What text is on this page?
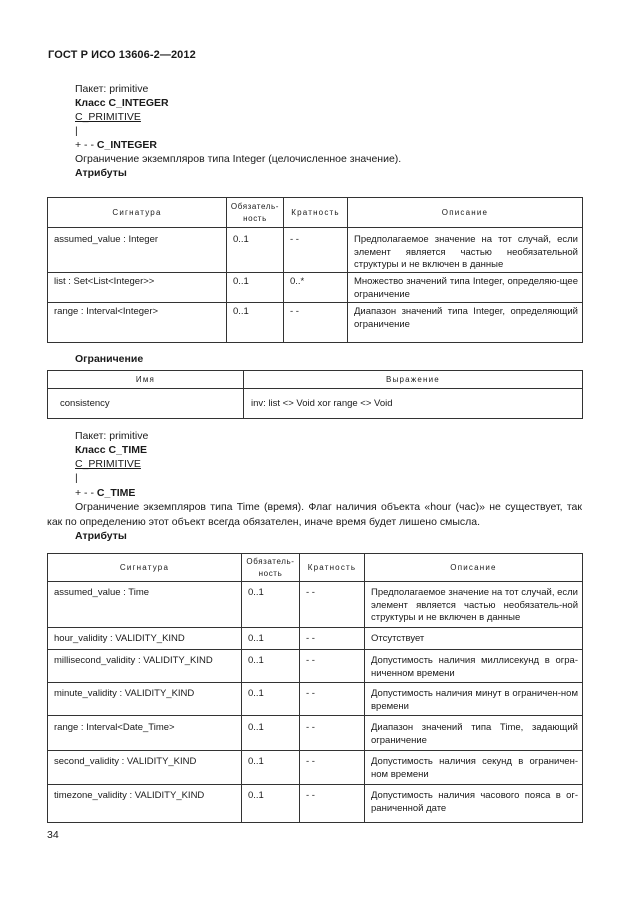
ГОСТ Р ИСО 13606-2—2012
Пакет: primitive
Класс C_INTEGER
C_PRIMITIVE
|
+ - - C_INTEGER
Ограничение экземпляров типа Integer (целочисленное значение).
Атрибуты
Сигнатура	Обязатель-ность	Кратность	Описание

assumed_value : Integer	0..1	- -	Предполагаемое значение на тот случай, если элемент является частью необязательной структуры и не включен в данные

list : Set<List<Integer>>	0..1	0..*	Множество значений типа Integer, определяю-щее ограничение

range : Interval<Integer>	0..1	- -	Диапазон значений типа Integer, определяющий ограничение
Ограничение
Имя	Выражение

consistency	inv: list <> Void xor range <> Void
Пакет: primitive
Класс C_TIME
C_PRIMITIVE
|
+ - - C_TIME
Ограничение экземпляров типа Time (время). Флаг наличия объекта «hour (час)» не существует, так как по определению этот объект всегда обязателен, иначе время будет лишено смысла.
Атрибуты
Сигнатура	Обязатель-ность	Кратность	Описание

assumed_value : Time	0..1	- -	Предполагаемое значение на тот случай, если элемент является частью необязатель-ной структуры и не включен в данные

hour_validity : VALIDITY_KIND	0..1	- -	Отсутствует

millisecond_validity : VALIDITY_KIND	0..1	- -	Допустимость наличия миллисекунд в огра-ниченном времени

minute_validity : VALIDITY_KIND	0..1	- -	Допустимость наличия минут в ограничен-ном времени

range : Interval<Date_Time>	0..1	- -	Диапазон значений типа Time, задающий ограничение

second_validity : VALIDITY_KIND	0..1	- -	Допустимость наличия секунд в ограничен-ном времени

timezone_validity : VALIDITY_KIND	0..1	- -	Допустимость наличия часового пояса в ог-раниченной дате
34
